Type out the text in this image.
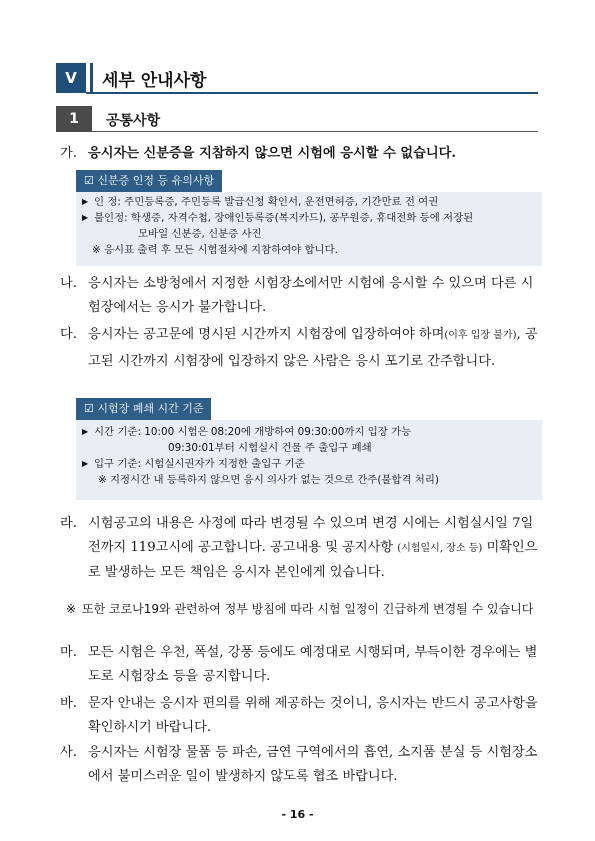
V	세부 안내사항
1	공통사항
가. 응시자는 신분증을 지참하지 않으면 시험에 응시할 수 없습니다.
☑ 신분증 인정 등 유의사항
▶ 인 정: 주민등록증, 주민등록 발급신청 확인서, 운전면허증, 기간만료 전 여권
▶ 불인정: 학생증, 자격수첩, 장애인등록증(복지카드), 공무원증, 휴대전화 등에 저장된
모바일 신분증, 신분증 사진
※ 응시표 출력 후 모든 시험절차에 지참하여야 합니다.
나. 응시자는 소방청에서 지정한 시험장소에서만 시험에 응시할 수 있으며 다른 시험장에서는 응시가 불가합니다.
다. 응시자는 공고문에 명시된 시간까지 시험장에 입장하여야 하며(이후 입장 불가), 공고된 시간까지 시험장에 입장하지 않은 사람은 응시 포기로 간주합니다.
☑ 시험장 폐쇄 시간 기준
▶ 시간 기준: 10:00 시험은 08:20에 개방하여 09:30:00까지 입장 가능
09:30:01부터 시험실시 건물 주 출입구 폐쇄
▶ 입구 기준: 시험실시권자가 지정한 출입구 기준
※ 지정시간 내 등록하지 않으면 응시 의사가 없는 것으로 간주(불합격 처리)
라. 시험공고의 내용은 사정에 따라 변경될 수 있으며 변경 시에는 시험실시일 7일 전까지 119고시에 공고합니다. 공고내용 및 공지사항 (시험일시, 장소 등) 미확인으로 발생하는 모든 책임은 응시자 본인에게 있습니다.
※ 또한 코로나19와 관련하여 정부 방침에 따라 시험 일정이 긴급하게 변경될 수 있습니다
마. 모든 시험은 우천, 폭설, 강풍 등에도 예정대로 시행되며, 부득이한 경우에는 별도로 시험장소 등을 공지합니다.
바. 문자 안내는 응시자 편의를 위해 제공하는 것이니, 응시자는 반드시 공고사항을 확인하시기 바랍니다.
사. 응시자는 시험장 물품 등 파손, 금연 구역에서의 흡연, 소지품 분실 등 시험장소에서 불미스러운 일이 발생하지 않도록 협조 바랍니다.
- 16 -
